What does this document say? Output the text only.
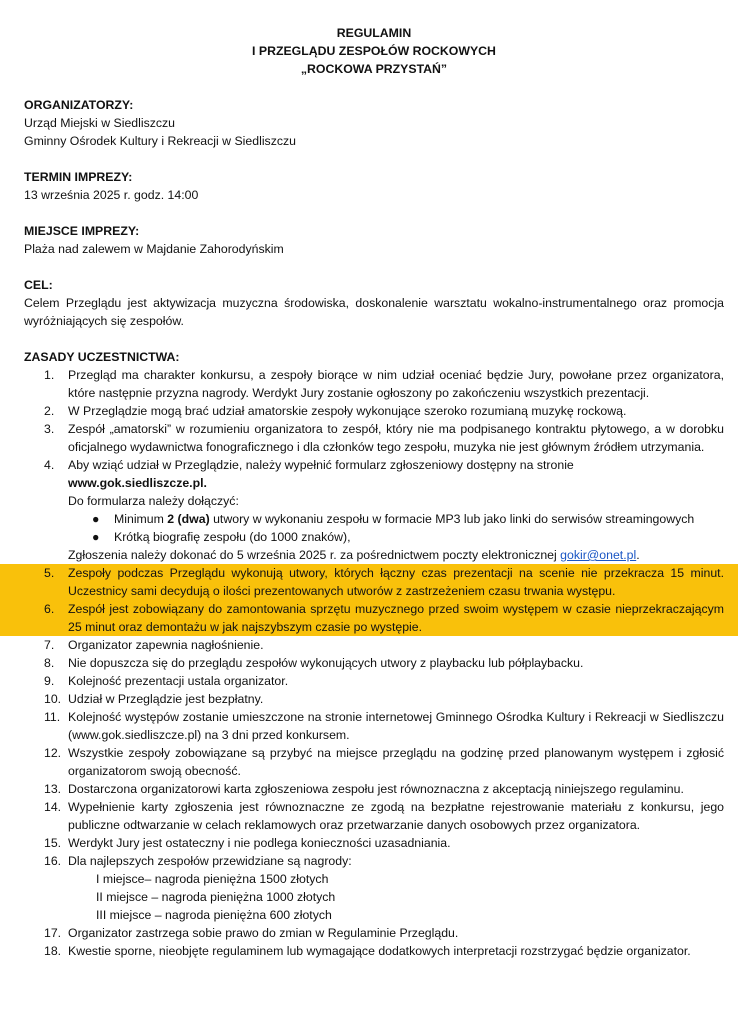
REGULAMIN
I PRZEGLĄDU ZESPOŁÓW ROCKOWYCH
„ROCKOWA PRZYSTAŃ”
ORGANIZATORZY:
Urząd Miejski w Siedliszczu
Gminny Ośrodek Kultury i Rekreacji w Siedliszczu
TERMIN IMPREZY:
13 września 2025 r. godz. 14:00
MIEJSCE IMPREZY:
Plaża nad zalewem w Majdanie Zahorodyńskim
CEL:
Celem Przeglądu jest aktywizacja muzyczna środowiska, doskonalenie warsztatu wokalno-instrumentalnego oraz promocja wyróżniających się zespołów.
ZASADY UCZESTNICTWA:
1.	Przegląd ma charakter konkursu, a zespoły biorące w nim udział oceniać będzie Jury, powołane przez organizatora, które następnie przyzna nagrody. Werdykt Jury zostanie ogłoszony po zakończeniu wszystkich prezentacji.
2.	W Przeglądzie mogą brać udział amatorskie zespoły wykonujące szeroko rozumianą muzykę rockową.
3.	Zespół „amatorski” w rozumieniu organizatora to zespół, który nie ma podpisanego kontraktu płytowego, a w dorobku oficjalnego wydawnictwa fonograficznego i dla członków tego zespołu, muzyka nie jest głównym źródłem utrzymania.
4.	Aby wziąć udział w Przeglądzie, należy wypełnić formularz zgłoszeniowy dostępny na stronie
www.gok.siedliszcze.pl.
Do formularza należy dołączyć:
● Minimum 2 (dwa) utwory w wykonaniu zespołu w formacie MP3 lub jako linki do serwisów streamingowych
● Krótką biografię zespołu (do 1000 znaków),
Zgłoszenia należy dokonać do 5 września 2025 r. za pośrednictwem poczty elektronicznej gokir@onet.pl.
5.	Zespoły podczas Przeglądu wykonują utwory, których łączny czas prezentacji na scenie nie przekracza 15 minut. Uczestnicy sami decydują o ilości prezentowanych utworów z zastrzeżeniem czasu trwania występu.
6.	Zespół jest zobowiązany do zamontowania sprzętu muzycznego przed swoim występem w czasie nieprzekraczającym 25 minut oraz demontażu w jak najszybszym czasie po występie.
7.	Organizator zapewnia nagłośnienie.
8.	Nie dopuszcza się do przeglądu zespołów wykonujących utwory z playbacku lub półplaybacku.
9.	Kolejność prezentacji ustala organizator.
10. Udział w Przeglądzie jest bezpłatny.
11. Kolejność występów zostanie umieszczone na stronie internetowej Gminnego Ośrodka Kultury i Rekreacji w Siedliszczu (www.gok.siedliszcze.pl) na 3 dni przed konkursem.
12. Wszystkie zespoły zobowiązane są przybyć na miejsce przeglądu na godzinę przed planowanym występem i zgłosić organizatorom swoją obecność.
13. Dostarczona organizatorowi karta zgłoszeniowa zespołu jest równoznaczna z akceptacją niniejszego regulaminu.
14. Wypełnienie karty zgłoszenia jest równoznaczne ze zgodą na bezpłatne rejestrowanie materiału z konkursu, jego publiczne odtwarzanie w celach reklamowych oraz przetwarzanie danych osobowych przez organizatora.
15. Werdykt Jury jest ostateczny i nie podlega konieczności uzasadniania.
16. Dla najlepszych zespołów przewidziane są nagrody:
I miejsce– nagroda pieniężna 1500 złotych
II miejsce – nagroda pieniężna 1000 złotych
III miejsce – nagroda pieniężna 600 złotych
17. Organizator zastrzega sobie prawo do zmian w Regulaminie Przeglądu.
18. Kwestie sporne, nieobjęte regulaminem lub wymagające dodatkowych interpretacji rozstrzygać będzie organizator.
